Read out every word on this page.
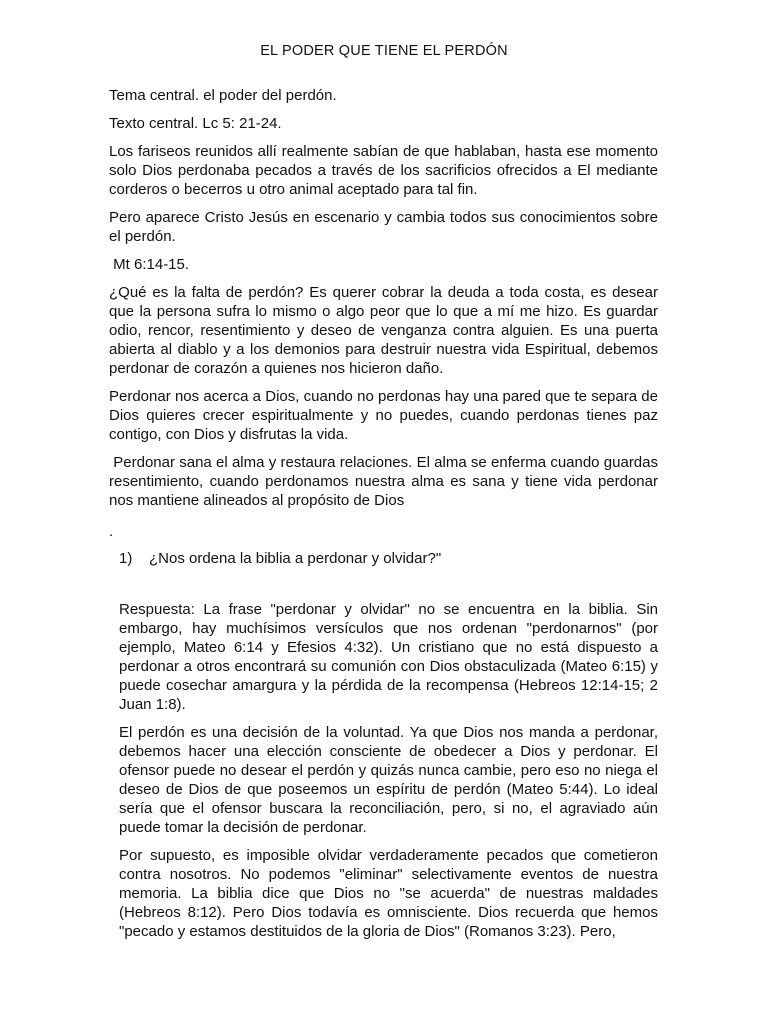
EL PODER QUE TIENE EL PERDÓN

Tema central. el poder del perdón.

Texto central. Lc 5: 21-24.

Los fariseos reunidos allí realmente sabían de que hablaban, hasta ese momento solo Dios perdonaba pecados a través de los sacrificios ofrecidos a El mediante corderos o becerros u otro animal aceptado para tal fin.

Pero aparece Cristo Jesús en escenario y cambia todos sus conocimientos sobre el perdón.

Mt 6:14-15.

¿Qué es la falta de perdón? Es querer cobrar la deuda a toda costa, es desear que la persona sufra lo mismo o algo peor que lo que a mí me hizo. Es guardar odio, rencor, resentimiento y deseo de venganza contra alguien. Es una puerta abierta al diablo y a los demonios para destruir nuestra vida Espiritual, debemos perdonar de corazón a quienes nos hicieron daño.

Perdonar nos acerca a Dios, cuando no perdonas hay una pared que te separa de Dios quieres crecer espiritualmente y no puedes, cuando perdonas tienes paz contigo, con Dios y disfrutas la vida.

Perdonar sana el alma y restaura relaciones. El alma se enferma cuando guardas resentimiento, cuando perdonamos nuestra alma es sana y tiene vida perdonar nos mantiene alineados al propósito de Dios

.

1)	¿Nos ordena la biblia a perdonar y olvidar?"

Respuesta: La frase "perdonar y olvidar" no se encuentra en la biblia. Sin embargo, hay muchísimos versículos que nos ordenan "perdonarnos" (por ejemplo, Mateo 6:14 y Efesios 4:32). Un cristiano que no está dispuesto a perdonar a otros encontrará su comunión con Dios obstaculizada (Mateo 6:15) y puede cosechar amargura y la pérdida de la recompensa (Hebreos 12:14-15; 2 Juan 1:8).

El perdón es una decisión de la voluntad. Ya que Dios nos manda a perdonar, debemos hacer una elección consciente de obedecer a Dios y perdonar. El ofensor puede no desear el perdón y quizás nunca cambie, pero eso no niega el deseo de Dios de que poseemos un espíritu de perdón (Mateo 5:44). Lo ideal sería que el ofensor buscara la reconciliación, pero, si no, el agraviado aún puede tomar la decisión de perdonar.

Por supuesto, es imposible olvidar verdaderamente pecados que cometieron contra nosotros. No podemos "eliminar" selectivamente eventos de nuestra memoria. La biblia dice que Dios no "se acuerda" de nuestras maldades (Hebreos 8:12). Pero Dios todavía es omnisciente. Dios recuerda que hemos "pecado y estamos destituidos de la gloria de Dios" (Romanos 3:23). Pero,
